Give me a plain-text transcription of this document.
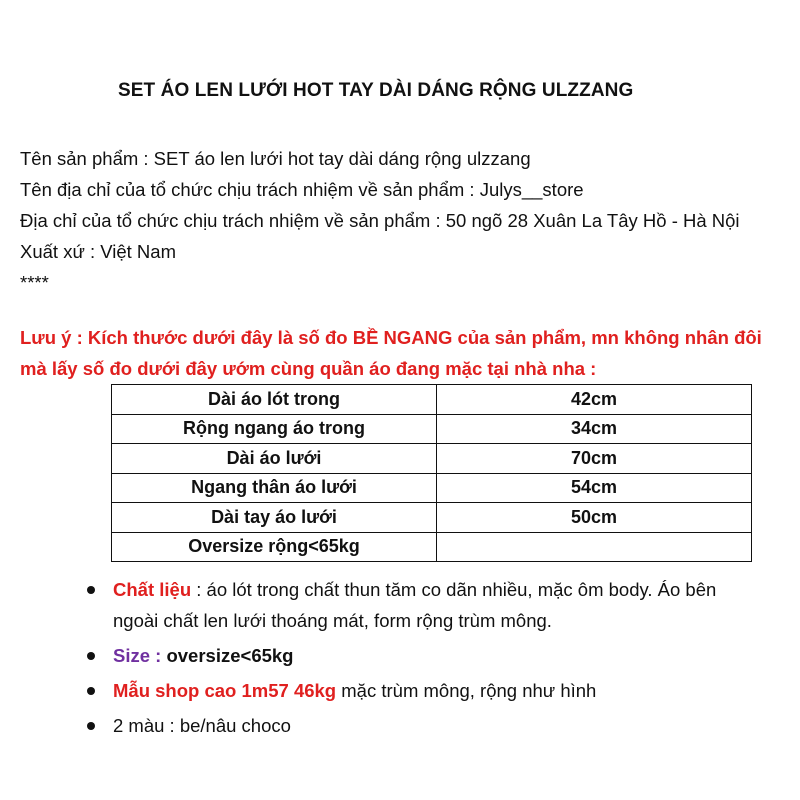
SET ÁO LEN LƯỚI HOT TAY DÀI DÁNG RỘNG ULZZANG
Tên sản phẩm : SET áo len lưới hot tay dài dáng rộng ulzzang
Tên địa chỉ của tổ chức chịu trách nhiệm về sản phẩm : Julys__store
Địa chỉ của tổ chức chịu trách nhiệm về sản phẩm : 50 ngõ 28 Xuân La Tây Hồ - Hà Nội
Xuất xứ : Việt Nam
****
Lưu ý : Kích thước dưới đây là số đo BỀ NGANG của sản phẩm, mn không nhân đôi mà lấy số đo dưới đây ướm cùng quần áo đang mặc tại nhà nha :
Dài áo lót trong	42cm
Rộng ngang áo trong	34cm
Dài áo lưới	70cm
Ngang thân áo lưới	54cm
Dài tay áo lưới	50cm
Oversize rộng<65kg	
Chất liệu : áo lót trong chất thun tăm co dãn nhiều, mặc ôm body. Áo bên ngoài chất len lưới thoáng mát, form rộng trùm mông.
Size : oversize<65kg
Mẫu shop cao 1m57 46kg mặc trùm mông, rộng như hình
2 màu : be/nâu choco
